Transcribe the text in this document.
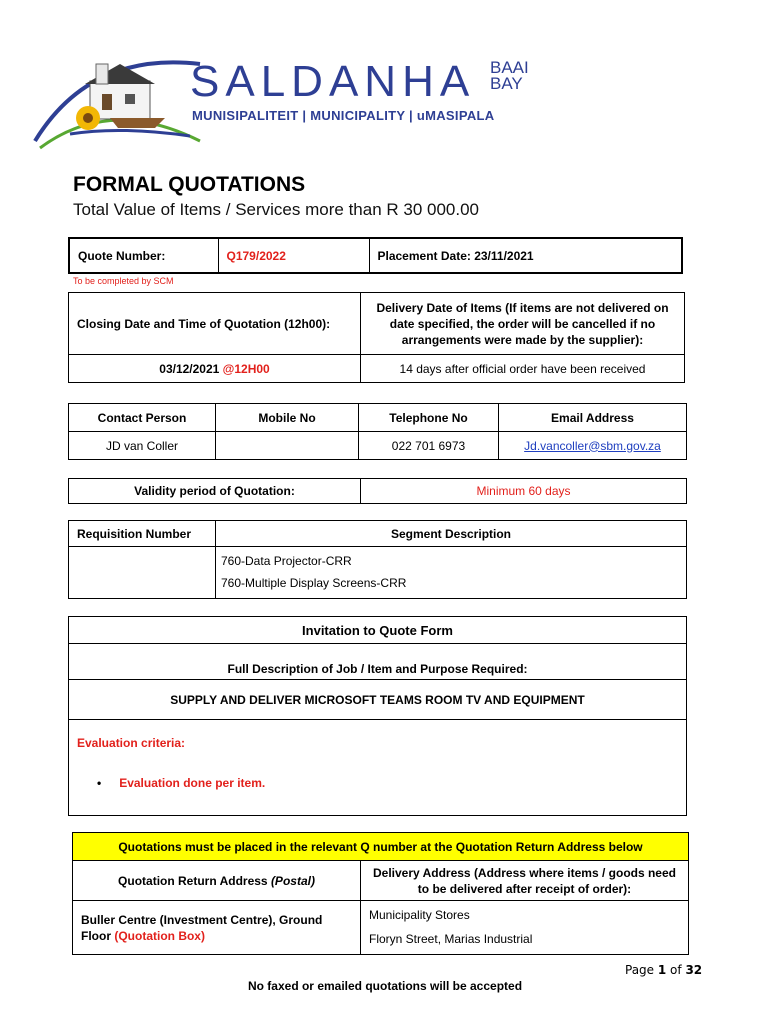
SALDANHA BAAI
BAY
MUNISIPALITEIT | MUNICIPALITY | uMASIPALA
FORMAL QUOTATIONS
Total Value of Items / Services more than R 30 000.00
Quote Number:	Q179/2022	Placement Date: 23/11/2021
To be completed by SCM
Closing Date and Time of Quotation (12h00):	Delivery Date of Items (If items are not delivered on date specified, the order will be cancelled if no arrangements were made by the supplier):
03/12/2021 @12H00	14 days after official order have been received
Contact Person	Mobile No	Telephone No	Email Address
JD van Coller		022 701 6973	Jd.vancoller@sbm.gov.za
Validity period of Quotation:	Minimum 60 days
Requisition Number	Segment Description

	760-Data Projector-CRR
760-Multiple Display Screens-CRR
Invitation to Quote Form
Full Description of Job / Item and Purpose Required:
SUPPLY AND DELIVER MICROSOFT TEAMS ROOM TV AND EQUIPMENT

Evaluation criteria:
• Evaluation done per item.
Quotations must be placed in the relevant Q number at the Quotation Return Address below	
Quotation Return Address (Postal)	Delivery Address (Address where items / goods need to be delivered after receipt of order):
Buller Centre (Investment Centre), Ground Floor (Quotation Box)	Municipality Stores
Floryn Street, Marias Industrial
Page 1 of 32
No faxed or emailed quotations will be accepted
